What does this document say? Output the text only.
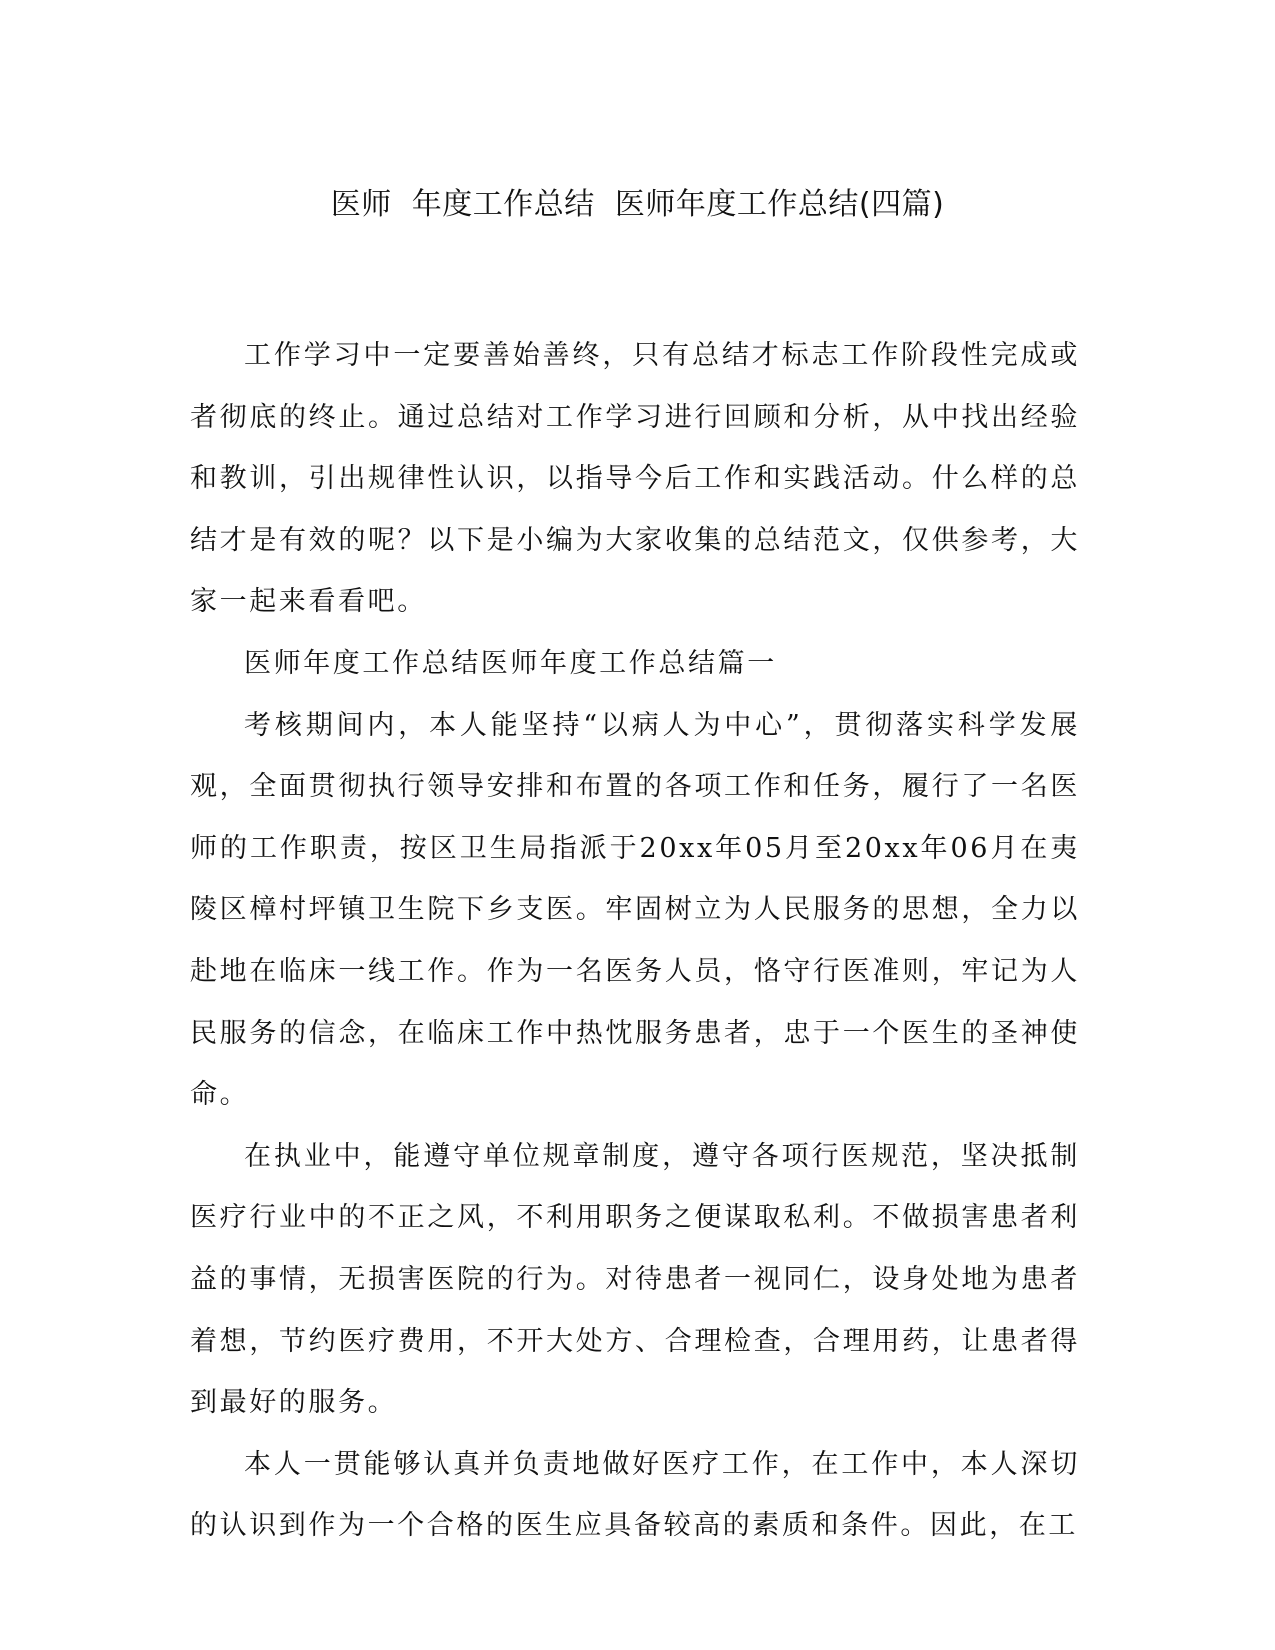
医师  年度工作总结  医师年度工作总结(四篇)

工作学习中一定要善始善终，只有总结才标志工作阶段性完成或者彻底的终止。通过总结对工作学习进行回顾和分析，从中找出经验和教训，引出规律性认识，以指导今后工作和实践活动。什么样的总结才是有效的呢？以下是小编为大家收集的总结范文，仅供参考，大家一起来看看吧。

医师年度工作总结医师年度工作总结篇一

考核期间内，本人能坚持“以病人为中心”，贯彻落实科学发展观，全面贯彻执行领导安排和布置的各项工作和任务，履行了一名医师的工作职责，按区卫生局指派于20xx年05月至20xx年06月在夷陵区樟村坪镇卫生院下乡支医。牢固树立为人民服务的思想，全力以赴地在临床一线工作。作为一名医务人员，恪守行医准则，牢记为人民服务的信念，在临床工作中热忱服务患者，忠于一个医生的圣神使命。

在执业中，能遵守单位规章制度，遵守各项行医规范，坚决抵制医疗行业中的不正之风，不利用职务之便谋取私利。不做损害患者利益的事情，无损害医院的行为。对待患者一视同仁，设身处地为患者着想，节约医疗费用，不开大处方、合理检查，合理用药，让患者得到最好的服务。

本人一贯能够认真并负责地做好医疗工作，在工作中，本人深切的认识到作为一个合格的医生应具备较高的素质和条件。因此，在工
